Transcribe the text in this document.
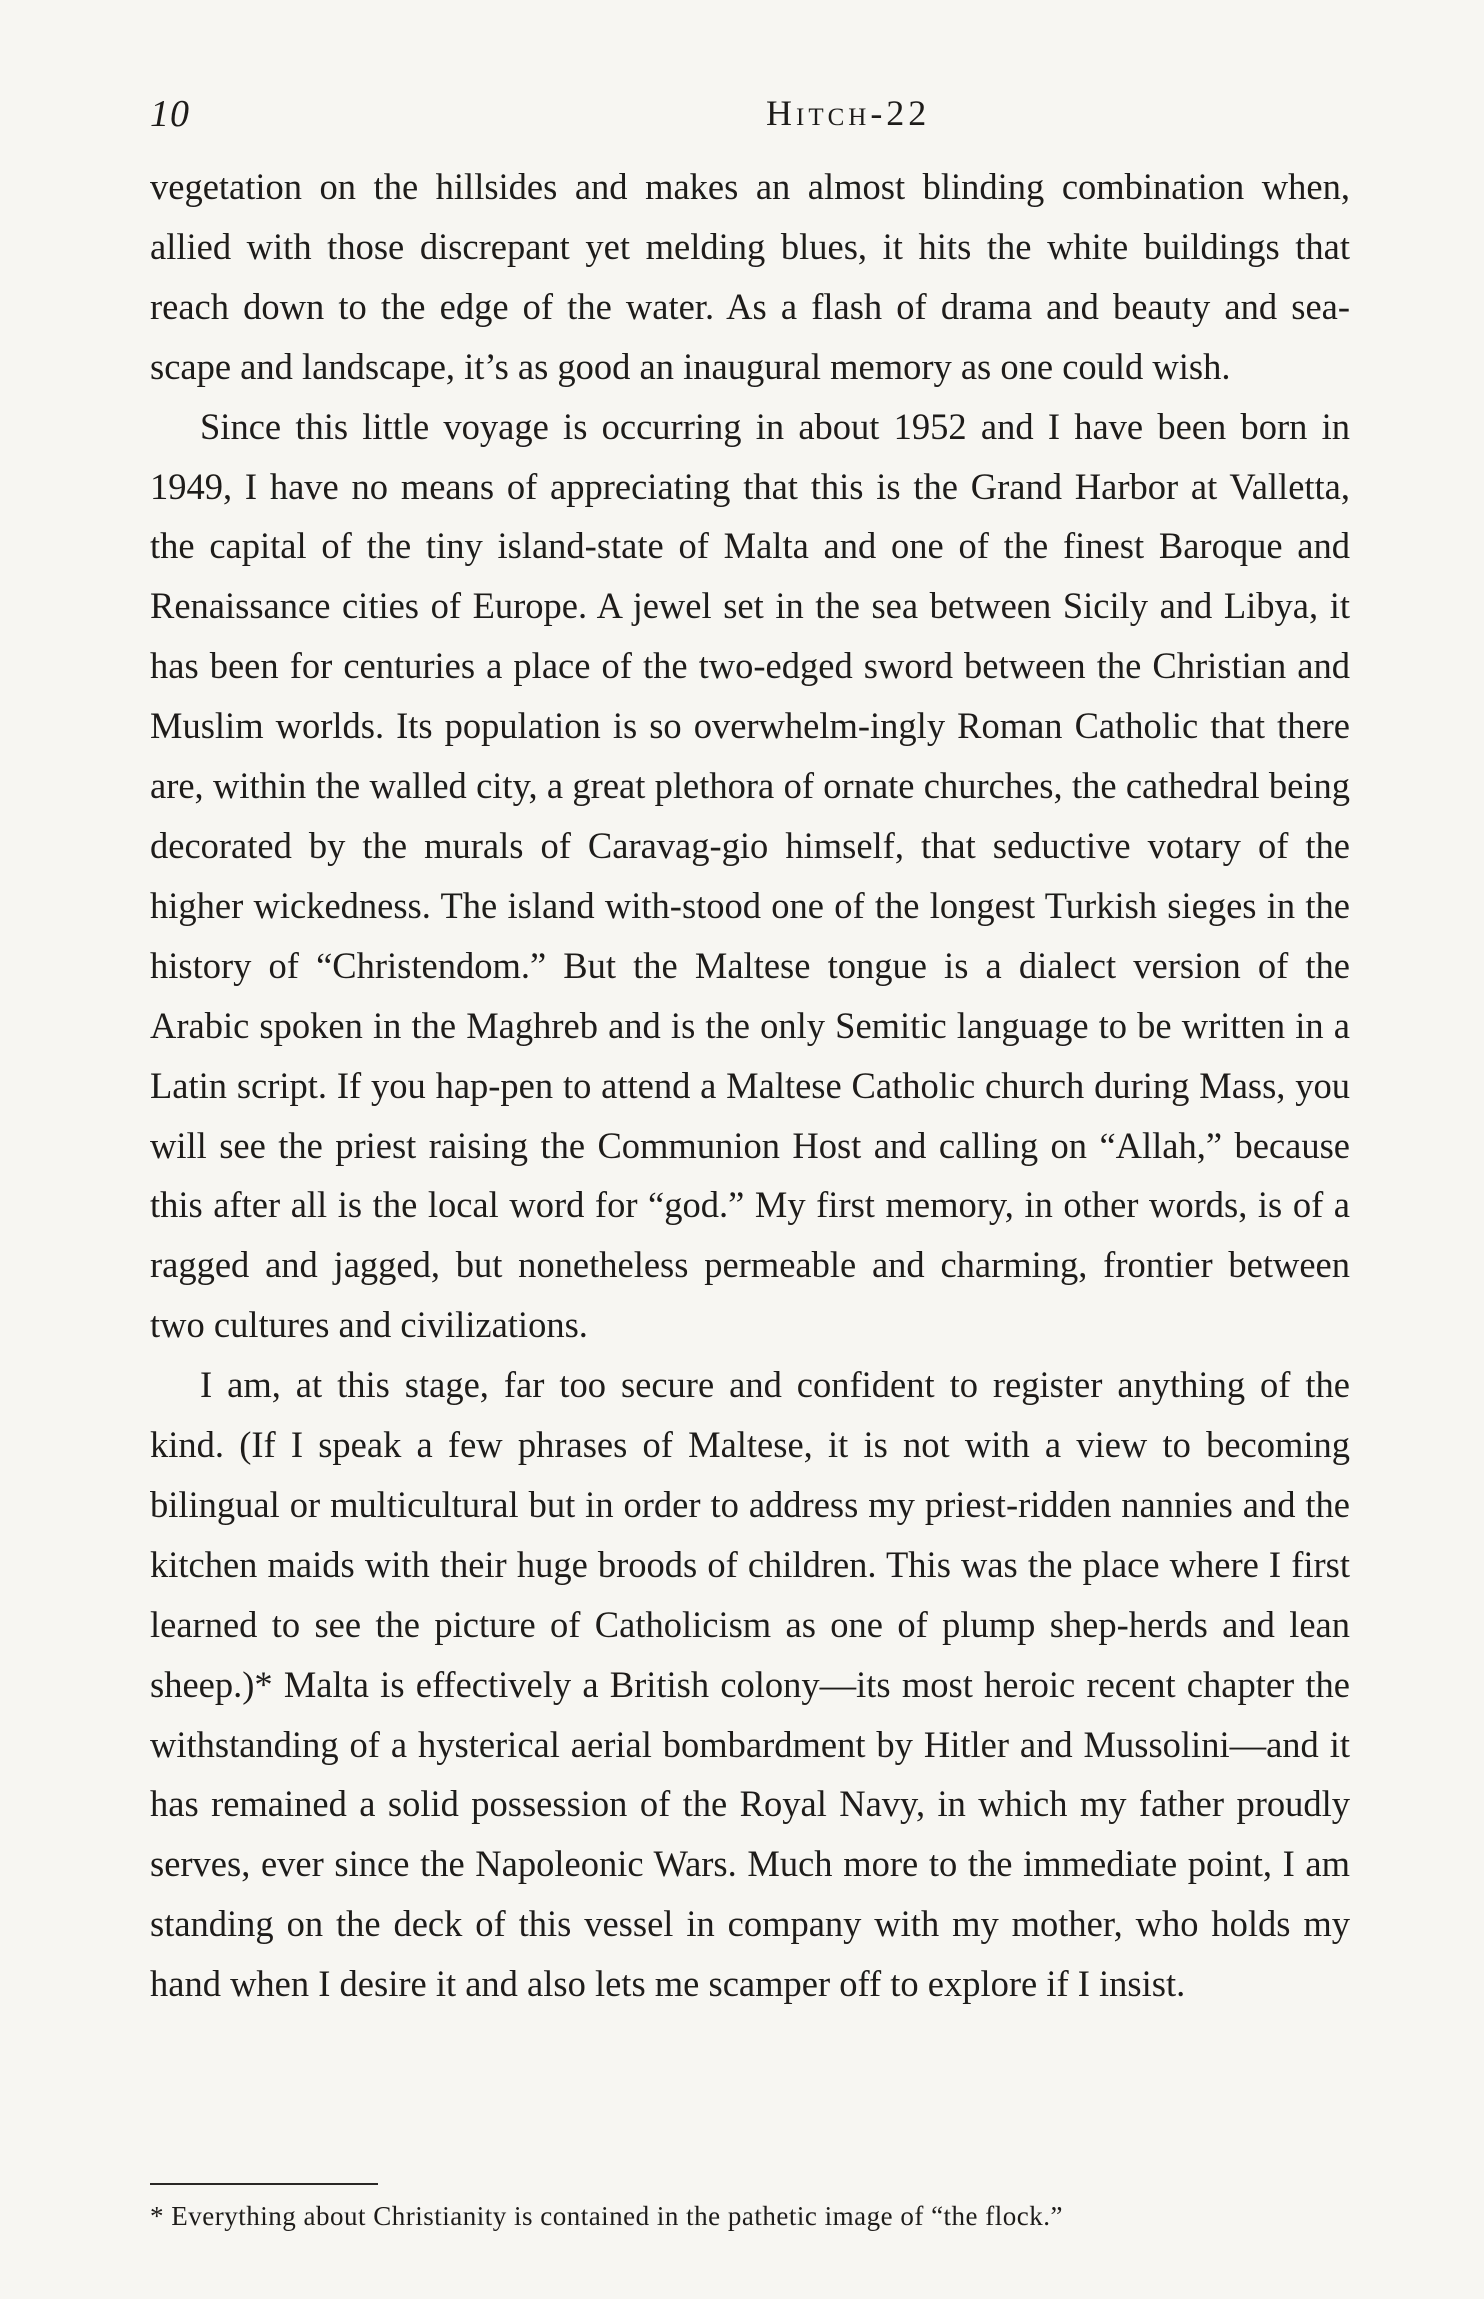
10	Hitch-22

vegetation on the hillsides and makes an almost blinding combination when, allied with those discrepant yet melding blues, it hits the white buildings that reach down to the edge of the water. As a flash of drama and beauty and sea-scape and landscape, it’s as good an inaugural memory as one could wish.

Since this little voyage is occurring in about 1952 and I have been born in 1949, I have no means of appreciating that this is the Grand Harbor at Valletta, the capital of the tiny island-state of Malta and one of the finest Baroque and Renaissance cities of Europe. A jewel set in the sea between Sicily and Libya, it has been for centuries a place of the two-edged sword between the Christian and Muslim worlds. Its population is so overwhelm-ingly Roman Catholic that there are, within the walled city, a great plethora of ornate churches, the cathedral being decorated by the murals of Caravag-gio himself, that seductive votary of the higher wickedness. The island with-stood one of the longest Turkish sieges in the history of “Christendom.” But the Maltese tongue is a dialect version of the Arabic spoken in the Maghreb and is the only Semitic language to be written in a Latin script. If you hap-pen to attend a Maltese Catholic church during Mass, you will see the priest raising the Communion Host and calling on “Allah,” because this after all is the local word for “god.” My first memory, in other words, is of a ragged and jagged, but nonetheless permeable and charming, frontier between two cultures and civilizations.

I am, at this stage, far too secure and confident to register anything of the kind. (If I speak a few phrases of Maltese, it is not with a view to becoming bilingual or multicultural but in order to address my priest-ridden nannies and the kitchen maids with their huge broods of children. This was the place where I first learned to see the picture of Catholicism as one of plump shep-herds and lean sheep.)* Malta is effectively a British colony—its most heroic recent chapter the withstanding of a hysterical aerial bombardment by Hitler and Mussolini—and it has remained a solid possession of the Royal Navy, in which my father proudly serves, ever since the Napoleonic Wars. Much more to the immediate point, I am standing on the deck of this vessel in company with my mother, who holds my hand when I desire it and also lets me scamper off to explore if I insist.

* Everything about Christianity is contained in the pathetic image of “the flock.”
